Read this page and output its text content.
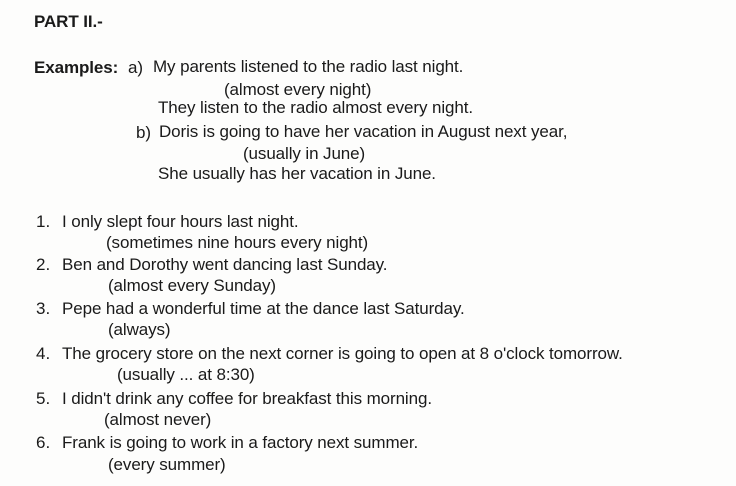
PART II.-
Examples: a) My parents listened to the radio last night.
(almost every night)
They listen to the radio almost every night.
b) Doris is going to have her vacation in August next year,
(usually in June)
She usually has her vacation in June.
1. I only slept four hours last night.
(sometimes nine hours every night)
2. Ben and Dorothy went dancing last Sunday.
(almost every Sunday)
3. Pepe had a wonderful time at the dance last Saturday.
(always)
4. The grocery store on the next corner is going to open at 8 o'clock tomorrow.
(usually ... at 8:30)
5. I didn't drink any coffee for breakfast this morning.
(almost never)
6. Frank is going to work in a factory next summer.
(every summer)
